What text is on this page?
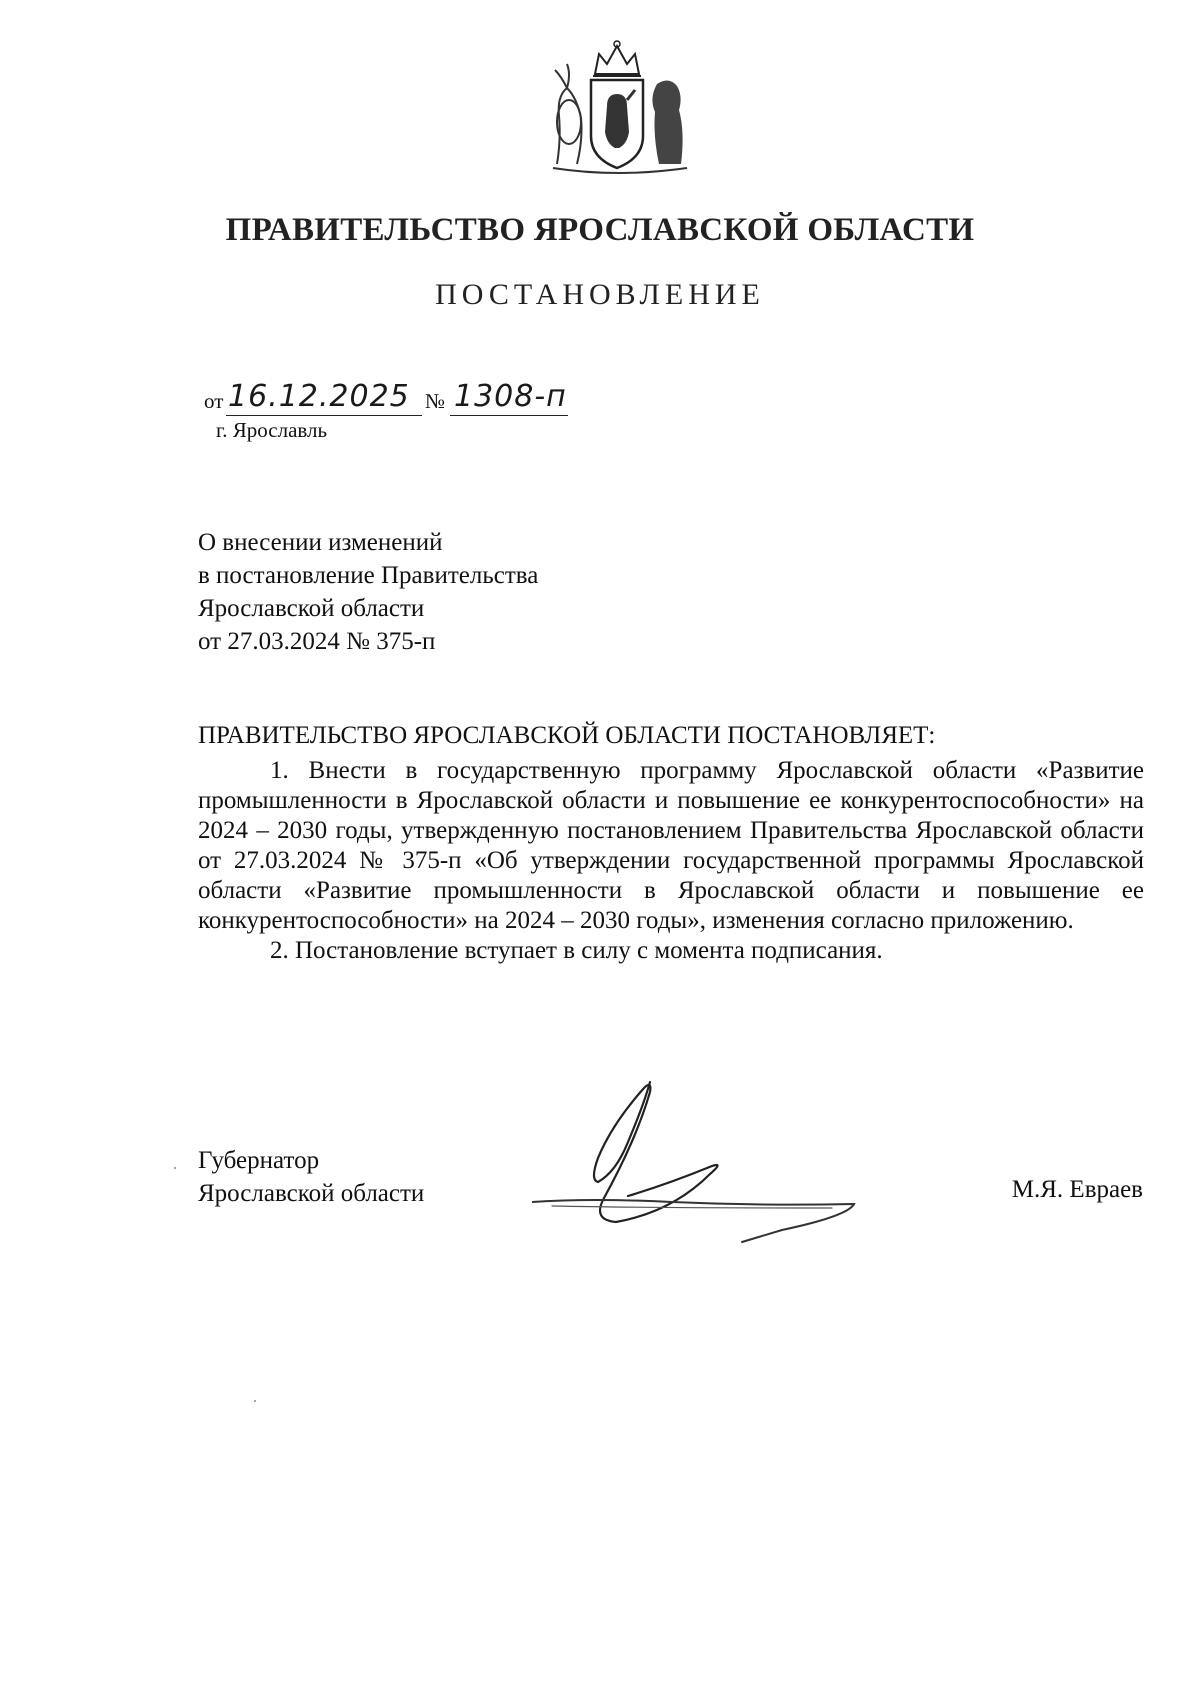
ПРАВИТЕЛЬСТВО ЯРОСЛАВСКОЙ ОБЛАСТИ
ПОСТАНОВЛЕНИЕ
от 16.12.2025 № 1308-п
г. Ярославль
О внесении изменений
в постановление Правительства
Ярославской области
от 27.03.2024 № 375-п
ПРАВИТЕЛЬСТВО ЯРОСЛАВСКОЙ ОБЛАСТИ ПОСТАНОВЛЯЕТ:

1. Внести в государственную программу Ярославской области «Развитие промышленности в Ярославской области и повышение ее конкурентоспособности» на 2024 – 2030 годы, утвержденную постановлением Правительства Ярославской области от 27.03.2024 № 375-п «Об утверждении государственной программы Ярославской области «Развитие промышленности в Ярославской области и повышение ее конкурентоспособности» на 2024 – 2030 годы», изменения согласно приложению.

2. Постановление вступает в силу с момента подписания.

Губернатор
Ярославской области	М.Я. Евраев
